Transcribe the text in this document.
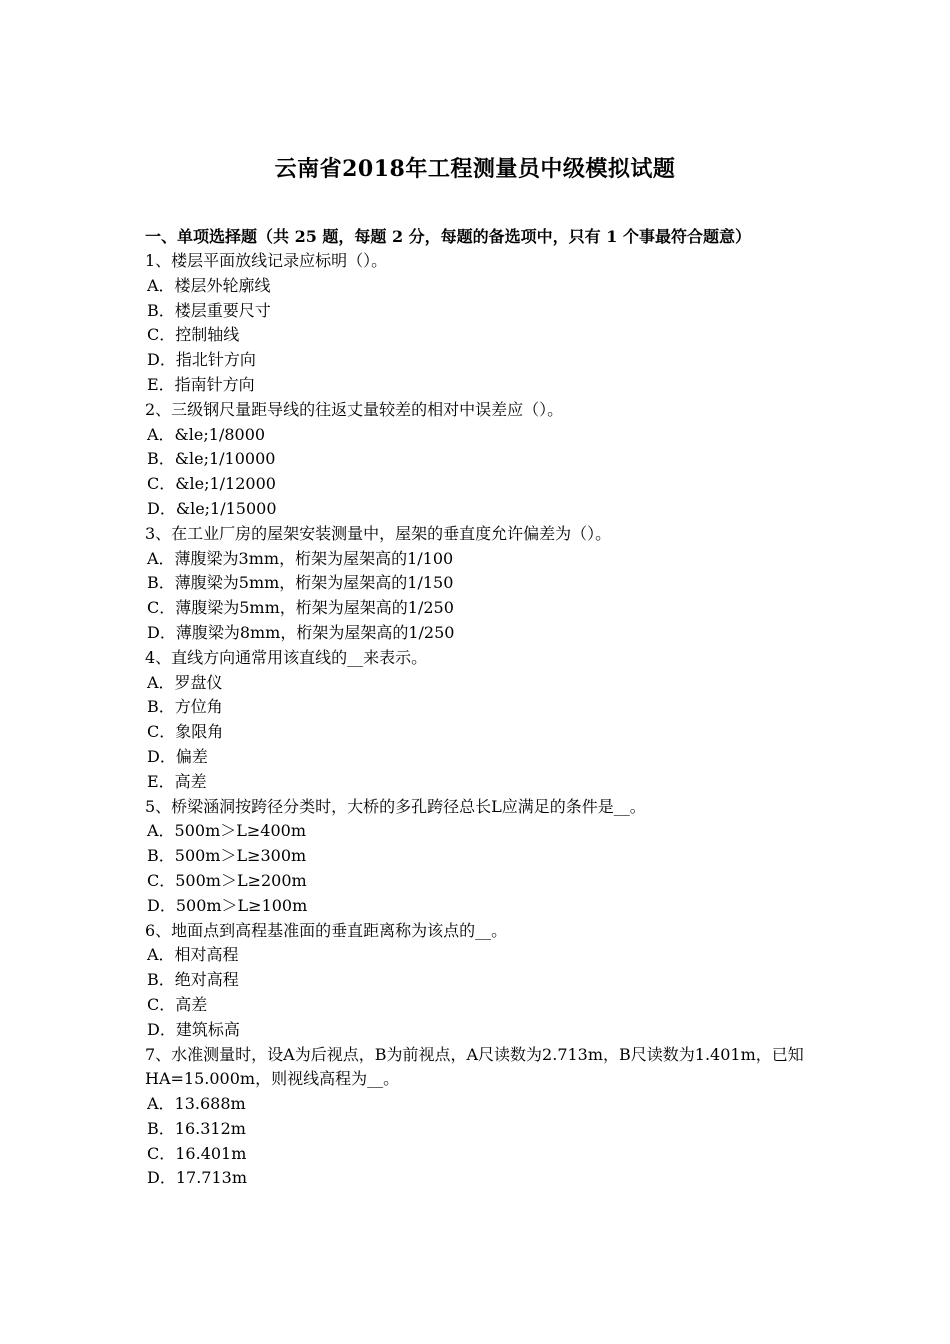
云南省2018年工程测量员中级模拟试题

一、单项选择题（共 25 题，每题 2 分，每题的备选项中，只有 1 个事最符合题意）

1、楼层平面放线记录应标明（）。

A．楼层外轮廓线

B．楼层重要尺寸

C．控制轴线

D．指北针方向

E．指南针方向

2、三级钢尺量距导线的往返丈量较差的相对中误差应（）。

A．&le;1/8000

B．&le;1/10000

C．&le;1/12000

D．&le;1/15000

3、在工业厂房的屋架安装测量中，屋架的垂直度允许偏差为（）。

A．薄腹梁为3mm，桁架为屋架高的1/100

B．薄腹梁为5mm，桁架为屋架高的1/150

C．薄腹梁为5mm，桁架为屋架高的1/250

D．薄腹梁为8mm，桁架为屋架高的1/250

4、直线方向通常用该直线的__来表示。

A．罗盘仪

B．方位角

C．象限角

D．偏差

E．高差

5、桥梁涵洞按跨径分类时，大桥的多孔跨径总长L应满足的条件是__。

A．500m＞L≥400m

B．500m＞L≥300m

C．500m＞L≥200m

D．500m＞L≥100m

6、地面点到高程基准面的垂直距离称为该点的__。

A．相对高程

B．绝对高程

C．高差

D．建筑标高

7、水准测量时，设A为后视点，B为前视点，A尺读数为2.713m，B尺读数为1.401m，已知HA=15.000m，则视线高程为__。

A．13.688m

B．16.312m

C．16.401m

D．17.713m
